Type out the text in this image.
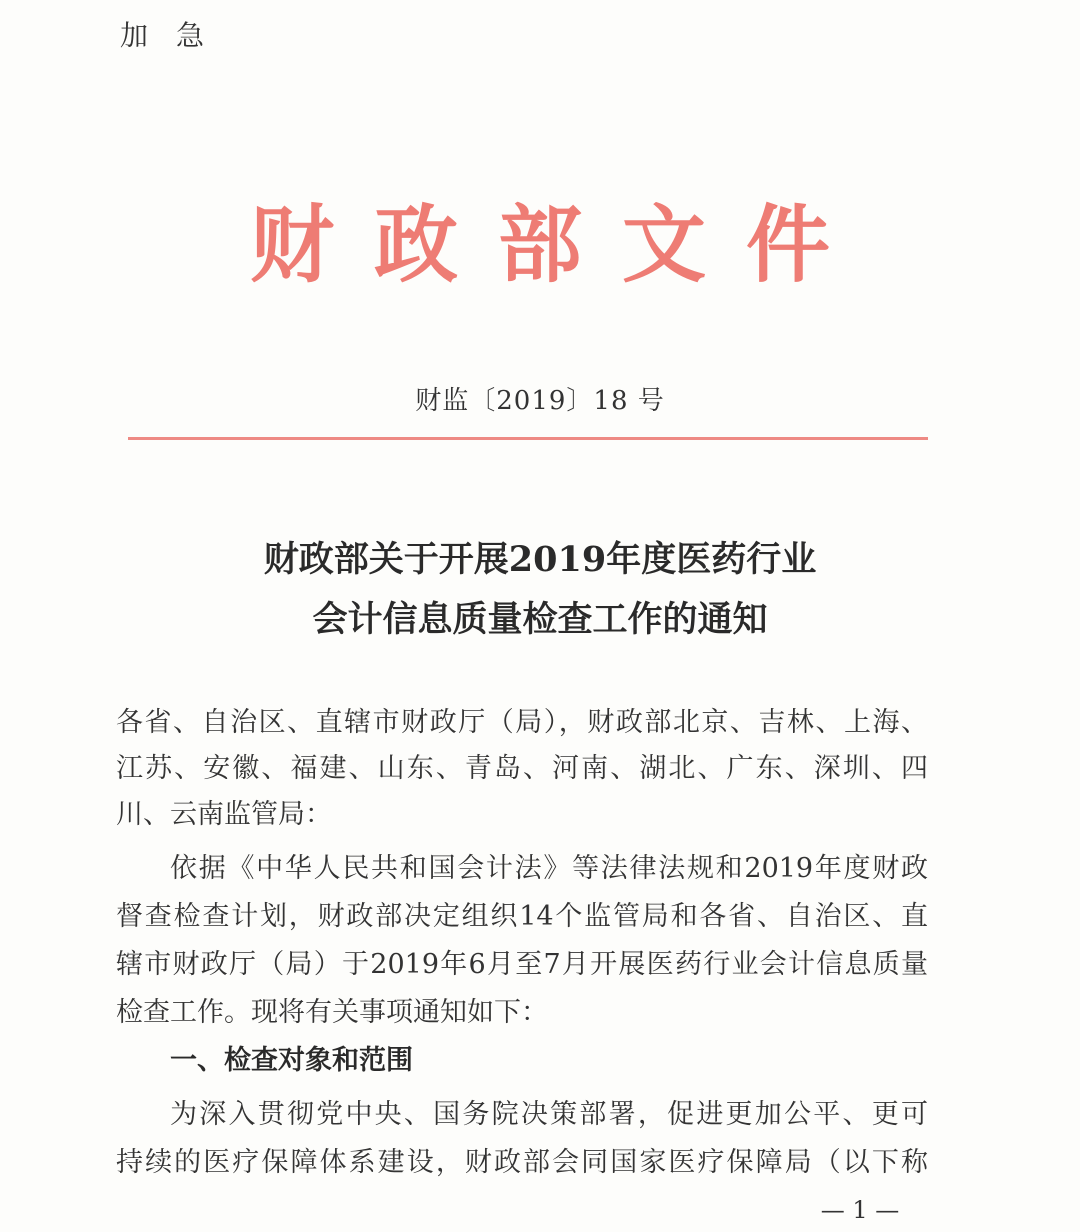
加急
财政部文件
财监〔2019〕18 号
财政部关于开展2019年度医药行业
会计信息质量检查工作的通知
各省、自治区、直辖市财政厅（局），财政部北京、吉林、上海、
江苏、安徽、福建、山东、青岛、河南、湖北、广东、深圳、四
川、云南监管局：
依据《中华人民共和国会计法》等法律法规和2019年度财政
督查检查计划，财政部决定组织14个监管局和各省、自治区、直
辖市财政厅（局）于2019年6月至7月开展医药行业会计信息质量
检查工作。现将有关事项通知如下：
一、检查对象和范围
为深入贯彻党中央、国务院决策部署，促进更加公平、更可
持续的医疗保障体系建设，财政部会同国家医疗保障局（以下称
— 1 —
